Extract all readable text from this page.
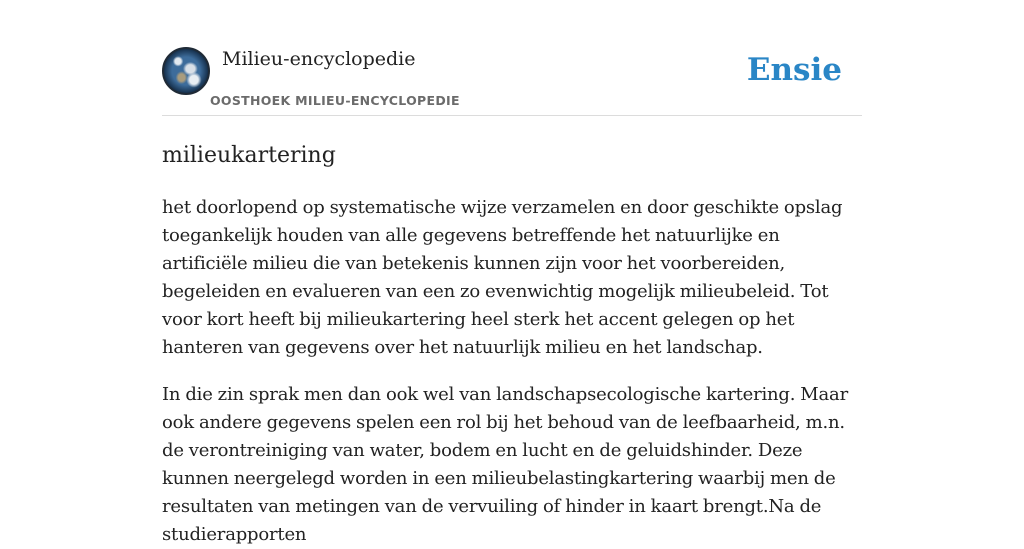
Milieu-encyclopedie

OOSTHOEK MILIEU-ENCYCLOPEDIE

Ensie
milieukartering

het doorlopend op systematische wijze verzamelen en door geschikte opslag toegankelijk houden van alle gegevens betreffende het natuurlijke en artificiële milieu die van betekenis kunnen zijn voor het voorbereiden, begeleiden en evalueren van een zo evenwichtig mogelijk milieubeleid. Tot voor kort heeft bij milieukartering heel sterk het accent gelegen op het hanteren van gegevens over het natuurlijk milieu en het landschap.

In die zin sprak men dan ook wel van landschapsecologische kartering. Maar ook andere gegevens spelen een rol bij het behoud van de leefbaarheid, m.n. de verontreiniging van water, bodem en lucht en de geluidshinder. Deze kunnen neergelegd worden in een milieubelastingkartering waarbij men de resultaten van metingen van de vervuiling of hinder in kaart brengt.Na de studierapporten
